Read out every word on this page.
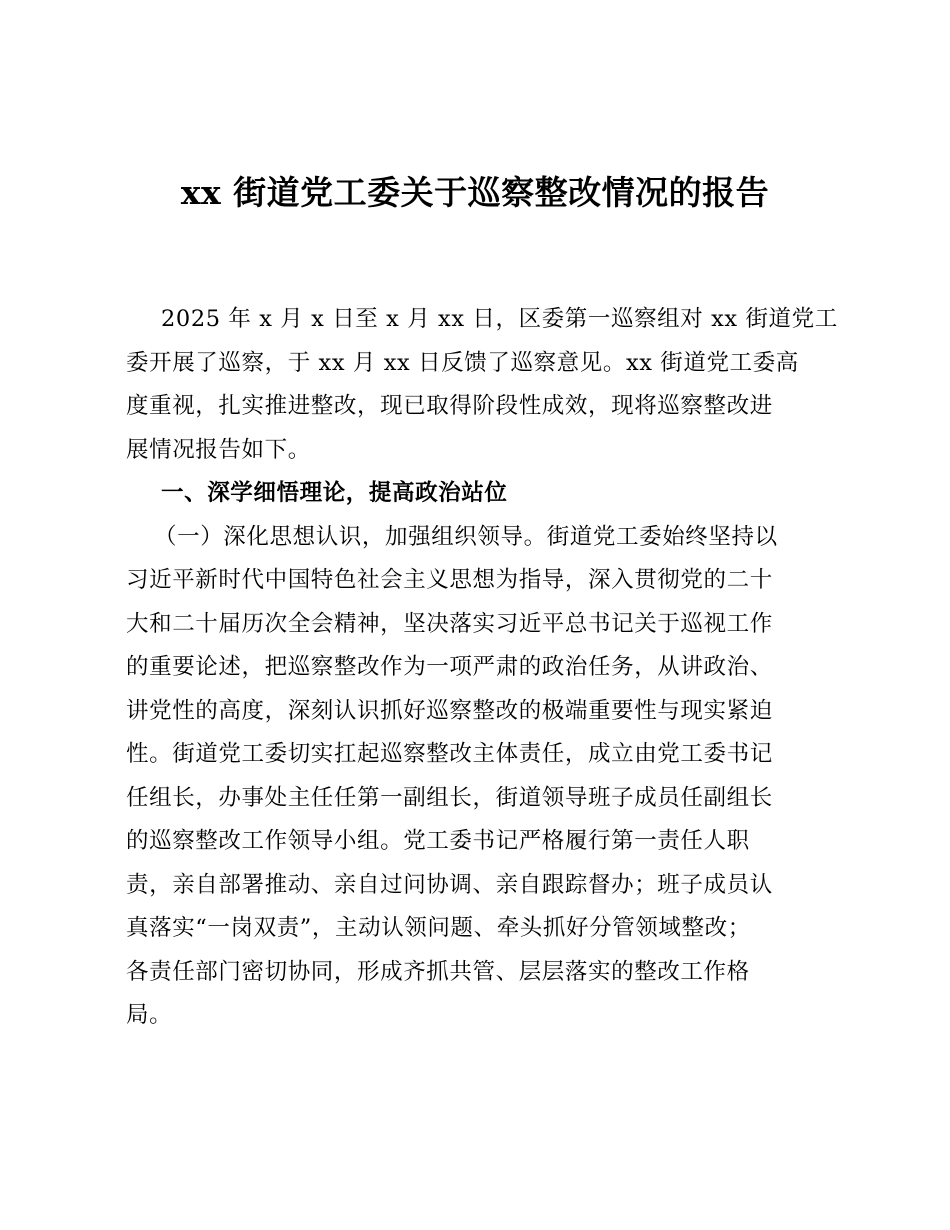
xx 街道党工委关于巡察整改情况的报告
2025 年 x 月 x 日至 x 月 xx 日，区委第一巡察组对 xx 街道党工
委开展了巡察，于 xx 月 xx 日反馈了巡察意见。xx 街道党工委高
度重视，扎实推进整改，现已取得阶段性成效，现将巡察整改进
展情况报告如下。
一、深学细悟理论，提高政治站位
（一）深化思想认识，加强组织领导。街道党工委始终坚持以
习近平新时代中国特色社会主义思想为指导，深入贯彻党的二十
大和二十届历次全会精神，坚决落实习近平总书记关于巡视工作
的重要论述，把巡察整改作为一项严肃的政治任务，从讲政治、
讲党性的高度，深刻认识抓好巡察整改的极端重要性与现实紧迫
性。街道党工委切实扛起巡察整改主体责任，成立由党工委书记
任组长，办事处主任任第一副组长，街道领导班子成员任副组长
的巡察整改工作领导小组。党工委书记严格履行第一责任人职
责，亲自部署推动、亲自过问协调、亲自跟踪督办；班子成员认
真落实“一岗双责”，主动认领问题、牵头抓好分管领域整改；
各责任部门密切协同，形成齐抓共管、层层落实的整改工作格
局。
